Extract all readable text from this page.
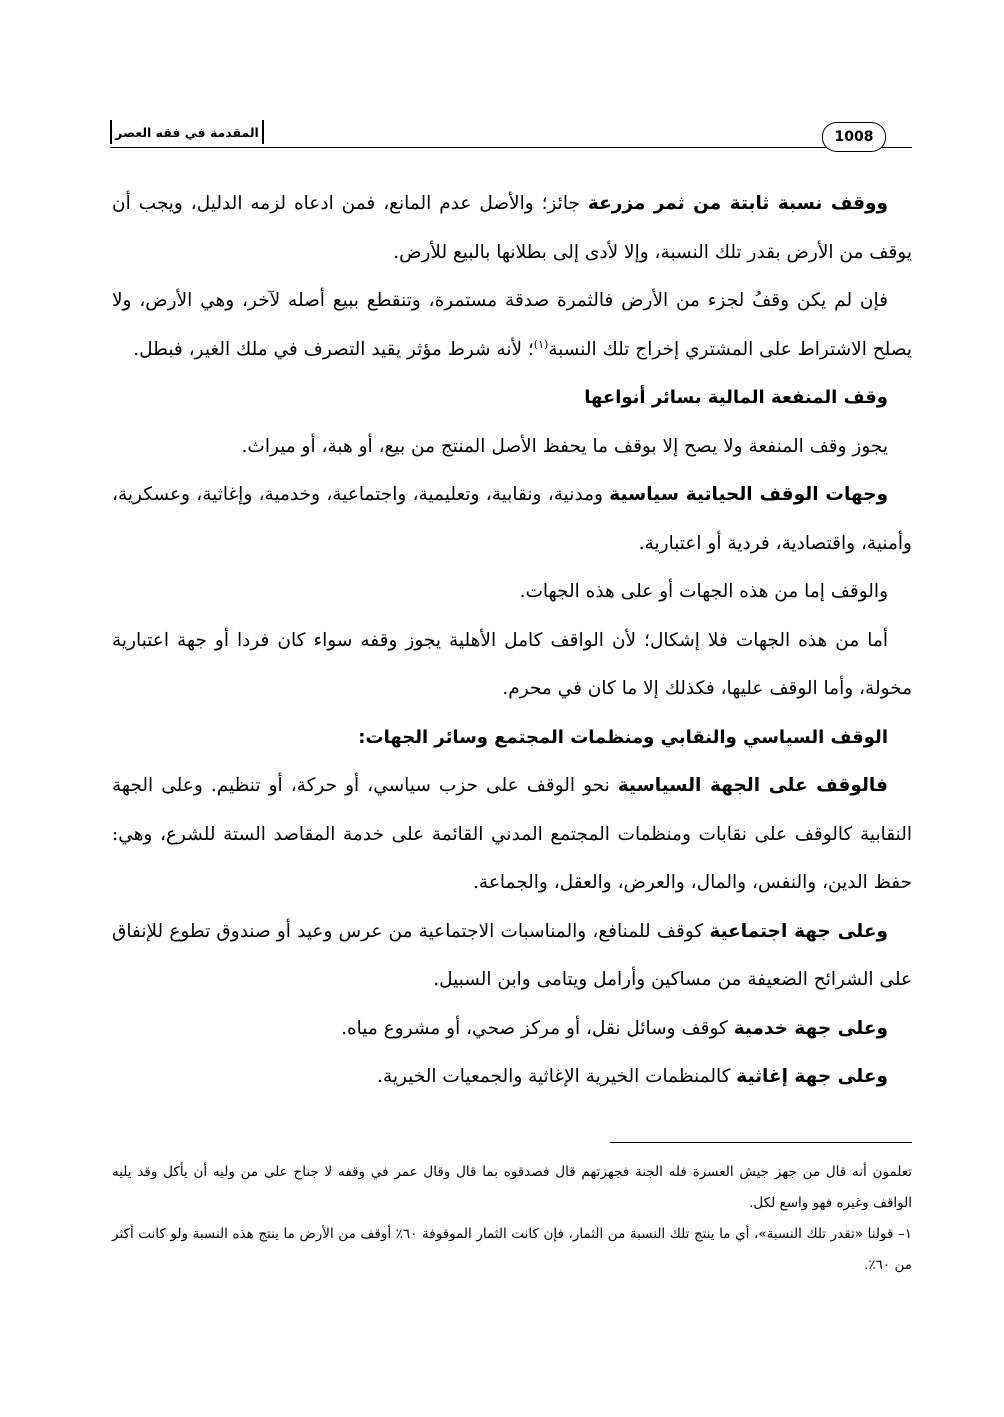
المقدمة في فقه العصر	1008

ووقف نسبة ثابتة من ثمر مزرعة جائز؛ والأصل عدم المانع، فمن ادعاه لزمه الدليل، ويجب أن يوقف من الأرض بقدر تلك النسبة، وإلا لأدى إلى بطلانها بالبيع للأرض.

فإن لم يكن وقفُ لجزء من الأرض فالثمرة صدقة مستمرة، وتنقطع ببيع أصله لآخر، وهي الأرض، ولا يصلح الاشتراط على المشتري إخراج تلك النسبة$^{(١)}$؛ لأنه شرط مؤثر يقيد التصرف في ملك الغير، فبطل.

وقف المنفعة المالية بسائر أنواعها

يجوز وقف المنفعة ولا يصح إلا بوقف ما يحفظ الأصل المنتج من بيع، أو هبة، أو ميراث.

وجهات الوقف الحياتية سياسية ومدنية، ونقابية، وتعليمية، واجتماعية، وخدمية، وإغاثية، وعسكرية، وأمنية، واقتصادية، فردية أو اعتبارية.

والوقف إما من هذه الجهات أو على هذه الجهات.

أما من هذه الجهات فلا إشكال؛ لأن الواقف كامل الأهلية يجوز وقفه سواء كان فردا أو جهة اعتبارية مخولة، وأما الوقف عليها، فكذلك إلا ما كان في محرم.

الوقف السياسي والنقابي ومنظمات المجتمع وسائر الجهات:

فالوقف على الجهة السياسية نحو الوقف على حزب سياسي، أو حركة، أو تنظيم. وعلى الجهة النقابية كالوقف على نقابات ومنظمات المجتمع المدني القائمة على خدمة المقاصد الستة للشرع، وهي: حفظ الدين، والنفس، والمال، والعرض، والعقل، والجماعة.

وعلى جهة اجتماعية كوقف للمنافع، والمناسبات الاجتماعية من عرس وعيد أو صندوق تطوع للإنفاق على الشرائح الضعيفة من مساكين وأرامل ويتامى وابن السبيل.

وعلى جهة خدمية كوقف وسائل نقل، أو مركز صحي، أو مشروع مياه.

وعلى جهة إغاثية كالمنظمات الخيرية الإغاثية والجمعيات الخيرية.

تعلمون أنه قال من جهز جيش العسرة فله الجنة فجهزتهم قال فصدقوه بما قال وقال عمر في وقفه لا جناح على من وليه أن يأكل وقد يليه الواقف وغيره فهو واسع لكل.

١– قولنا «تقدر تلك النسبة»، أي ما ينتج تلك النسبة من الثمار، فإن كانت الثمار الموقوفة ٦٠٪ أوقف من الأرض ما ينتج هذه النسبة ولو كانت أكثر من ٦٠٪.
